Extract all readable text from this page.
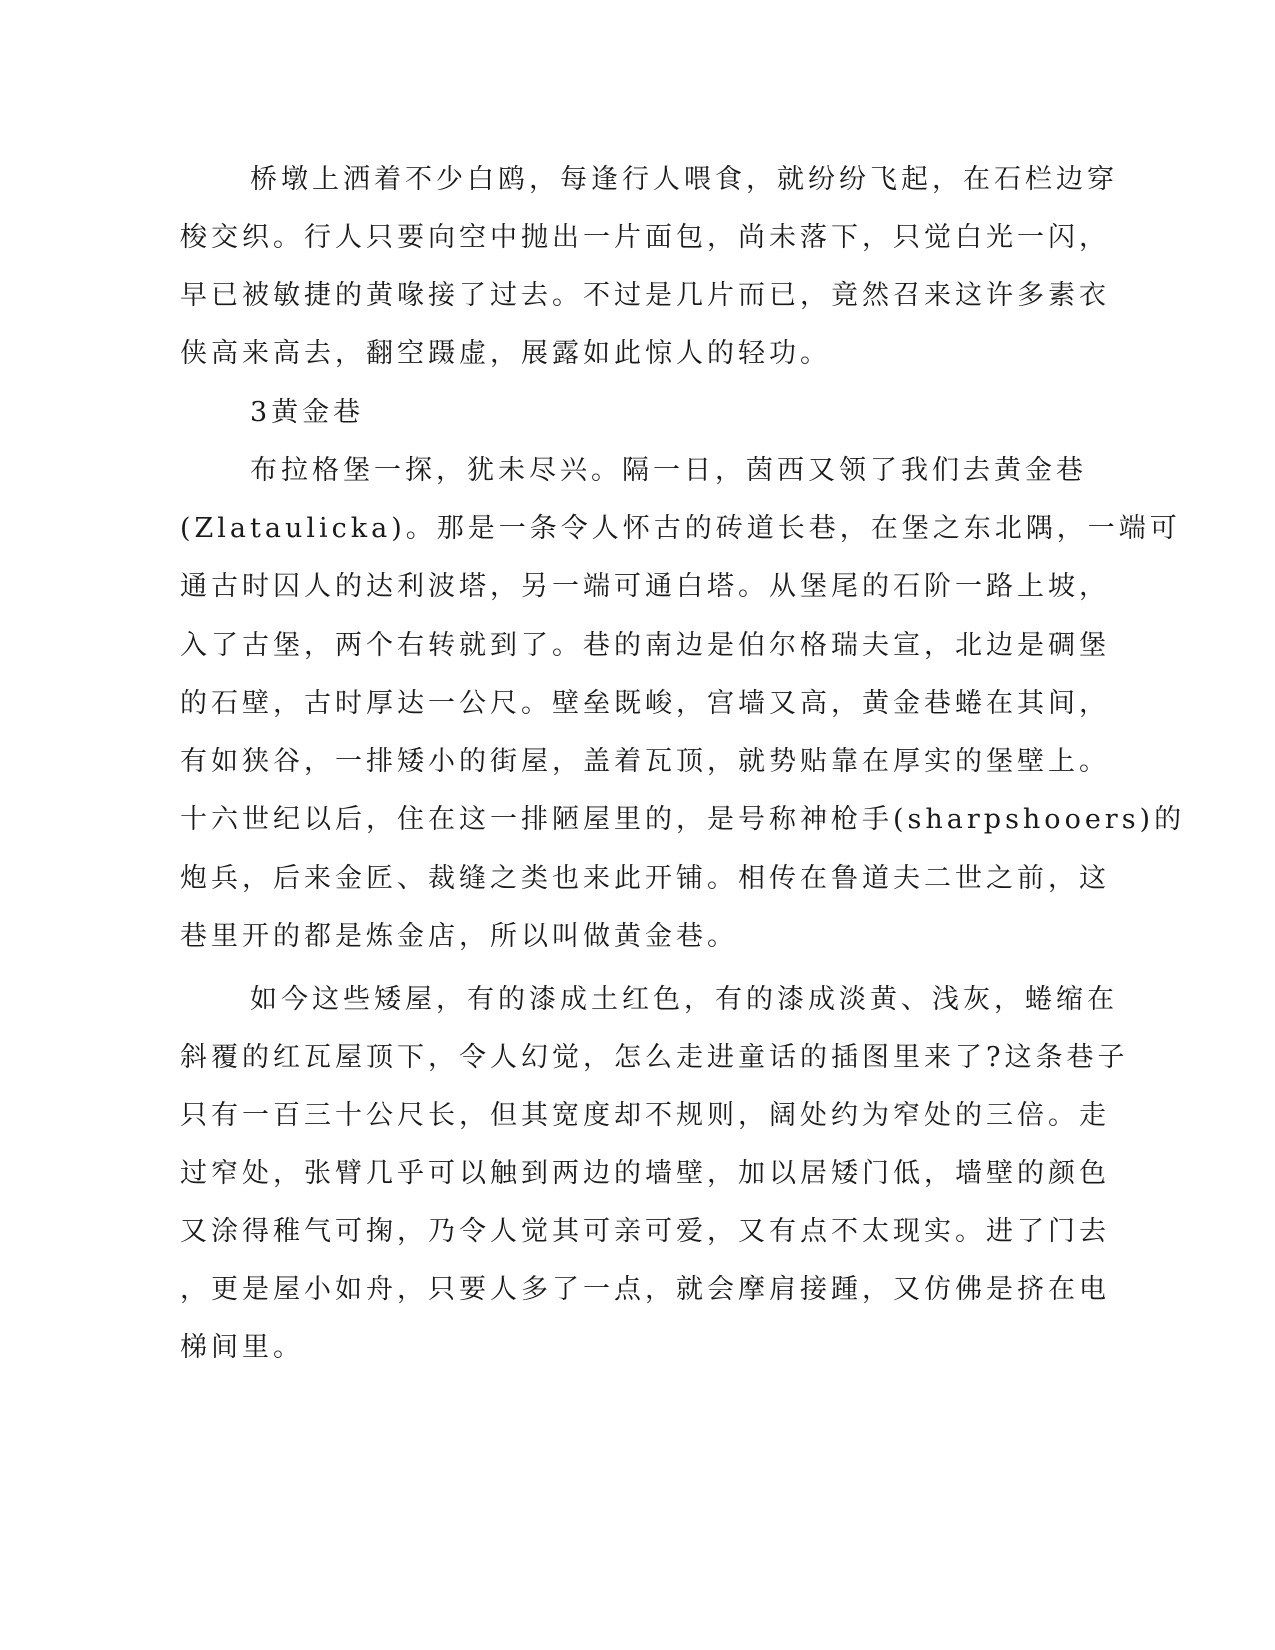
桥墩上洒着不少白鸥，每逢行人喂食，就纷纷飞起，在石栏边穿
梭交织。行人只要向空中抛出一片面包，尚未落下，只觉白光一闪，
早已被敏捷的黄喙接了过去。不过是几片而已，竟然召来这许多素衣
侠高来高去，翻空蹑虚，展露如此惊人的轻功。
3黄金巷
布拉格堡一探，犹未尽兴。隔一日，茵西又领了我们去黄金巷
(Zlataulicka)。那是一条令人怀古的砖道长巷，在堡之东北隅，一端可
通古时囚人的达利波塔，另一端可通白塔。从堡尾的石阶一路上坡，
入了古堡，两个右转就到了。巷的南边是伯尔格瑞夫宣，北边是碉堡
的石壁，古时厚达一公尺。壁垒既峻，宫墙又高，黄金巷蜷在其间，
有如狭谷，一排矮小的街屋，盖着瓦顶，就势贴靠在厚实的堡壁上。
十六世纪以后，住在这一排陋屋里的，是号称神枪手(sharpshooers)的
炮兵，后来金匠、裁缝之类也来此开铺。相传在鲁道夫二世之前，这
巷里开的都是炼金店，所以叫做黄金巷。
如今这些矮屋，有的漆成土红色，有的漆成淡黄、浅灰，蜷缩在
斜覆的红瓦屋顶下，令人幻觉，怎么走进童话的插图里来了?这条巷子
只有一百三十公尺长，但其宽度却不规则，阔处约为窄处的三倍。走
过窄处，张臂几乎可以触到两边的墙壁，加以居矮门低，墙壁的颜色
又涂得稚气可掬，乃令人觉其可亲可爱，又有点不太现实。进了门去
，更是屋小如舟，只要人多了一点，就会摩肩接踵，又仿佛是挤在电
梯间里。
